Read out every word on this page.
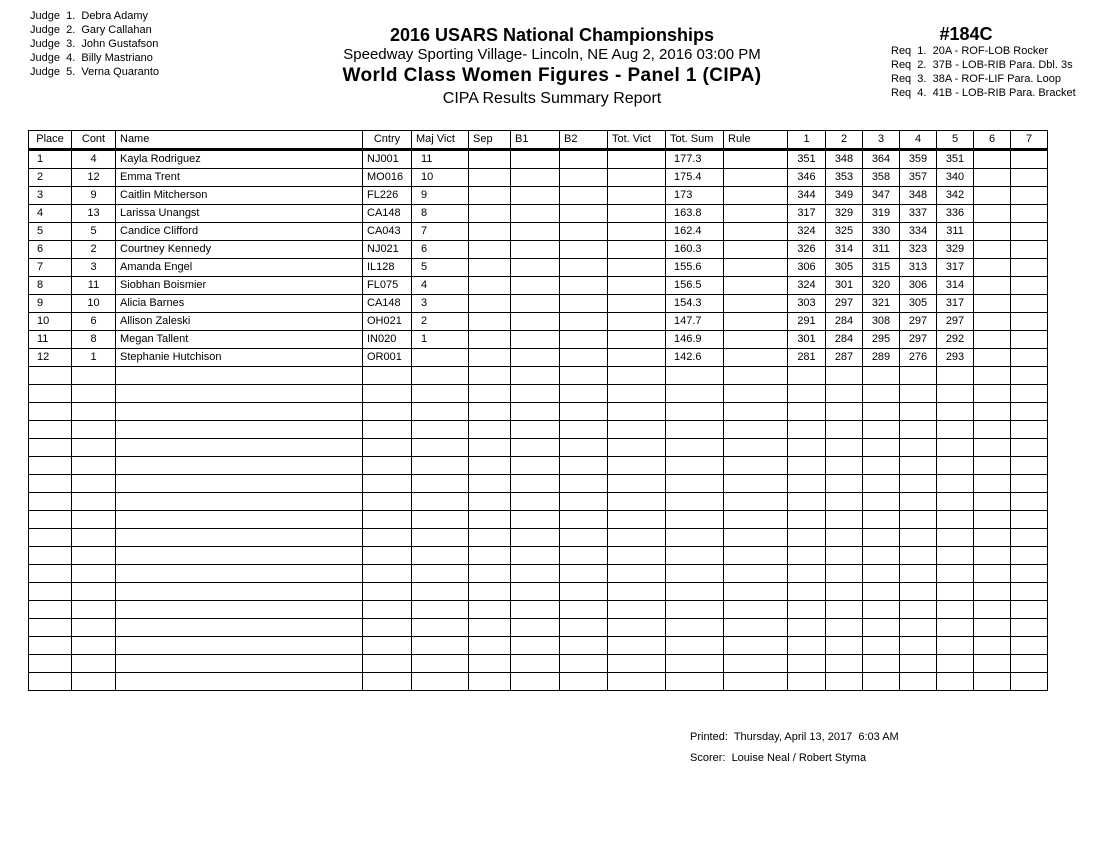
Judge  1.  Debra Adamy
Judge  2.  Gary Callahan
Judge  3.  John Gustafson
Judge  4.  Billy Mastriano
Judge  5.  Verna Quaranto
2016 USARS National Championships
Speedway Sporting Village- Lincoln, NE Aug 2, 2016 03:00 PM
World Class Women Figures - Panel 1 (CIPA)
CIPA Results Summary Report
#184C
Req  1.  20A - ROF-LOB Rocker
Req  2.  37B - LOB-RIB Para. Dbl. 3s
Req  3.  38A - ROF-LIF Para. Loop
Req  4.  41B - LOB-RIB Para. Bracket
Place	Cont	Name	Cntry	Maj Vict	Sep	B1	B2	Tot. Vict	Tot. Sum	Rule	1	2	3	4	5	6	7
1	4	Kayla Rodriguez	NJ001	11					177.3		351	348	364	359	351		
2	12	Emma Trent	MO016	10					175.4		346	353	358	357	340		
3	9	Caitlin Mitcherson	FL226	9					173		344	349	347	348	342		
4	13	Larissa Unangst	CA148	8					163.8		317	329	319	337	336		
5	5	Candice Clifford	CA043	7					162.4		324	325	330	334	311		
6	2	Courtney Kennedy	NJ021	6					160.3		326	314	311	323	329		
7	3	Amanda Engel	IL128	5					155.6		306	305	315	313	317		
8	11	Siobhan Boismier	FL075	4					156.5		324	301	320	306	314		
9	10	Alicia Barnes	CA148	3					154.3		303	297	321	305	317		
10	6	Allison Zaleski	OH021	2					147.7		291	284	308	297	297		
11	8	Megan Tallent	IN020	1					146.9		301	284	295	297	292		
12	1	Stephanie Hutchison	OR001						142.6		281	287	289	276	293		

Printed:  Thursday, April 13, 2017  6:03 AM
Scorer:  Louise Neal / Robert Styma
